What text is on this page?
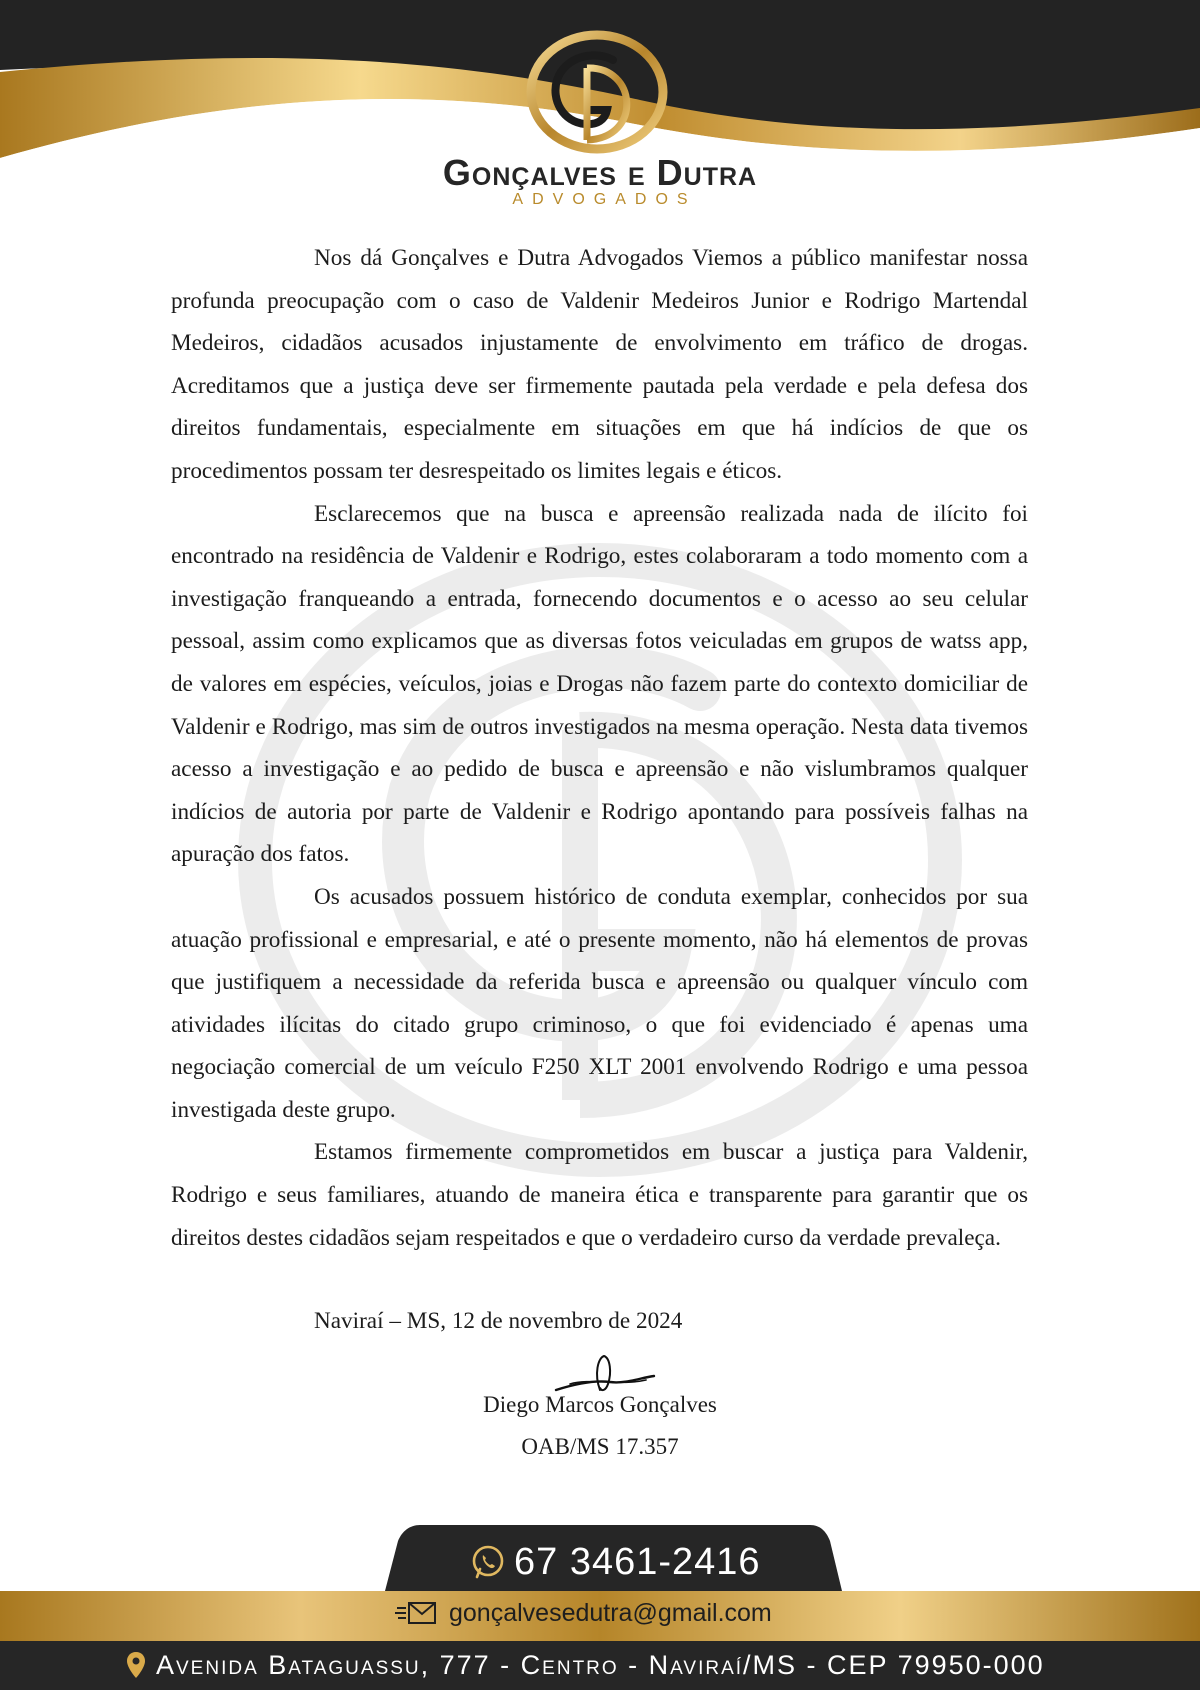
Gonçalves e Dutra
ADVOGADOS

Nos dá Gonçalves e Dutra Advogados Viemos a público manifestar nossa profunda preocupação com o caso de Valdenir Medeiros Junior e Rodrigo Martendal Medeiros, cidadãos acusados injustamente de envolvimento em tráfico de drogas. Acreditamos que a justiça deve ser firmemente pautada pela verdade e pela defesa dos direitos fundamentais, especialmente em situações em que há indícios de que os procedimentos possam ter desrespeitado os limites legais e éticos.

Esclarecemos que na busca e apreensão realizada nada de ilícito foi encontrado na residência de Valdenir e Rodrigo, estes colaboraram a todo momento com a investigação franqueando a entrada, fornecendo documentos e o acesso ao seu celular pessoal, assim como explicamos que as diversas fotos veiculadas em grupos de watss app, de valores em espécies, veículos, joias e Drogas não fazem parte do contexto domiciliar de Valdenir e Rodrigo, mas sim de outros investigados na mesma operação. Nesta data tivemos acesso a investigação e ao pedido de busca e apreensão e não vislumbramos qualquer indícios de autoria por parte de Valdenir e Rodrigo apontando para possíveis falhas na apuração dos fatos.

Os acusados possuem histórico de conduta exemplar, conhecidos por sua atuação profissional e empresarial, e até o presente momento, não há elementos de provas que justifiquem a necessidade da referida busca e apreensão ou qualquer vínculo com atividades ilícitas do citado grupo criminoso, o que foi evidenciado é apenas uma negociação comercial de um veículo F250 XLT 2001 envolvendo Rodrigo e uma pessoa investigada deste grupo.

Estamos firmemente comprometidos em buscar a justiça para Valdenir, Rodrigo e seus familiares, atuando de maneira ética e transparente para garantir que os direitos destes cidadãos sejam respeitados e que o verdadeiro curso da verdade prevaleça.

Naviraí – MS, 12 de novembro de 2024
Diego Marcos Gonçalves
OAB/MS 17.357
67 3461-2416
gonçalvesedutra@gmail.com
Avenida Bataguassu, 777 - Centro - Naviraí/MS - CEP 79950-000
